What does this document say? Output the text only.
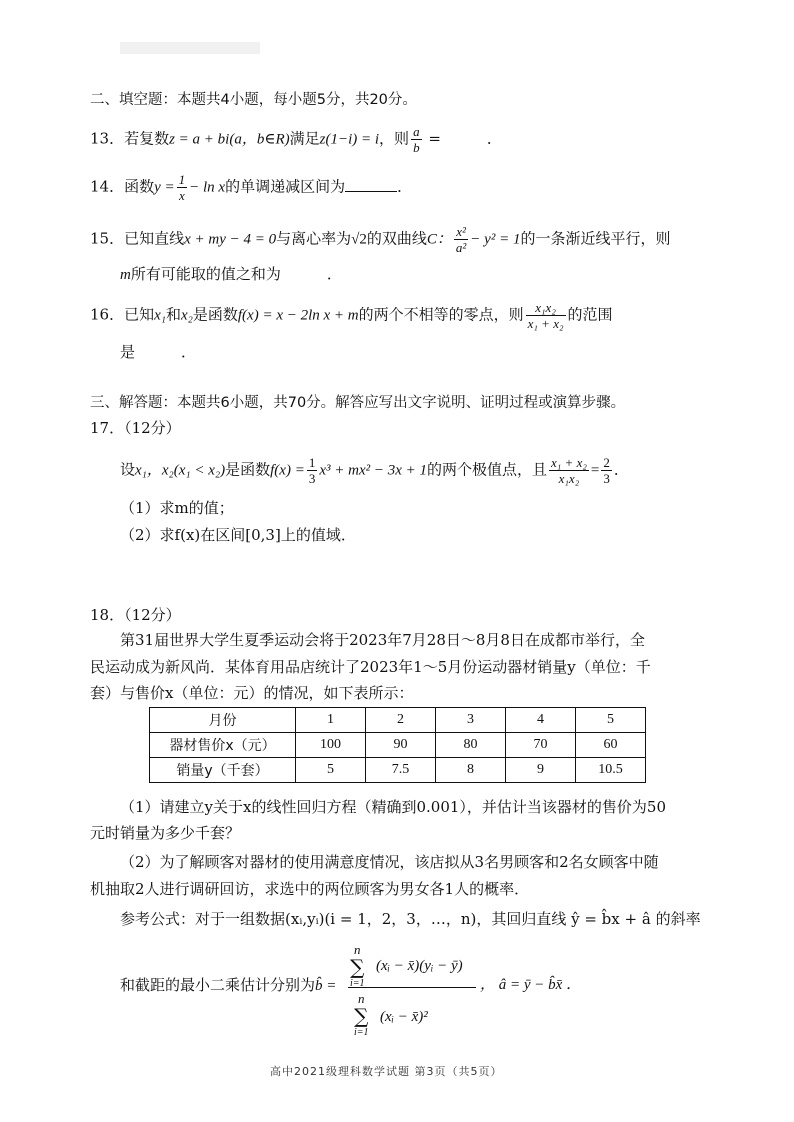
二、填空题：本题共4小题，每小题5分，共20分。
13．若复数z = a + bi(a，b∈R)满足z(1−i) = i，则 $\frac{a}{b}$ =	．
14．函数$y = \frac{1}{x} - \ln x$的单调递减区间为	．
15．已知直线x + my − 4 = 0与离心率为√2的双曲线C： $\frac{\text{x²}}{\text{a²}} - y^2 = 1$的一条渐近线平行，则
m所有可能取的值之和为	．
16．已知x₁和x₂是函数f(x) = x − 2ln x + m的两个不相等的零点，则 $\frac{\text{x₁x₂}}{\text{x₁ + x₂}}$ 的范围
是	．
三、解答题：本题共6小题，共70分。解答应写出文字说明、证明过程或演算步骤。
17．（12分）
设x₁，x₂(x₁ < x₂)是函数$f(x) = \frac{1}{3} x^3 + mx^2 - 3x + 1$的两个极值点，且 $\frac{\text{x₁ + x₂}}{\text{x₁x₂}} = \frac{2}{3}$ ．
（1）求m的值；
（2）求f(x)在区间[0,3]上的值域．
18．（12分）
第31届世界大学生夏季运动会将于2023年7月28日～8月8日在成都市举行，全
民运动成为新风尚．某体育用品店统计了2023年1～5月份运动器材销量y（单位：千
套）与售价x（单位：元）的情况，如下表所示：
月份	1	2	3	4	5
器材售价x（元）	100	90	80	70	60
销量y（千套）	5	7.5	8	9	10.5
（1）请建立y关于x的线性回归方程（精确到0.001），并估计当该器材的售价为50
元时销量为多少千套？
（2）为了解顾客对器材的使用满意度情况，该店拟从3名男顾客和2名女顾客中随
机抽取2人进行调研回访，求选中的两位顾客为男女各1人的概率．
参考公式：对于一组数据(xᵢ,yᵢ)(i = 1，2，3，…，n)，其回归直线 ŷ = b̂x + â 的斜率
和截距的最小二乘估计分别为b̂ =
n
∑
i=1
(xᵢ − x̄)(yᵢ − ȳ)
n
∑
i=1
(xᵢ − x̄)²
， â = ȳ − b̂x̄ ．
高中2021级理科数学试题 第3页（共5页）
